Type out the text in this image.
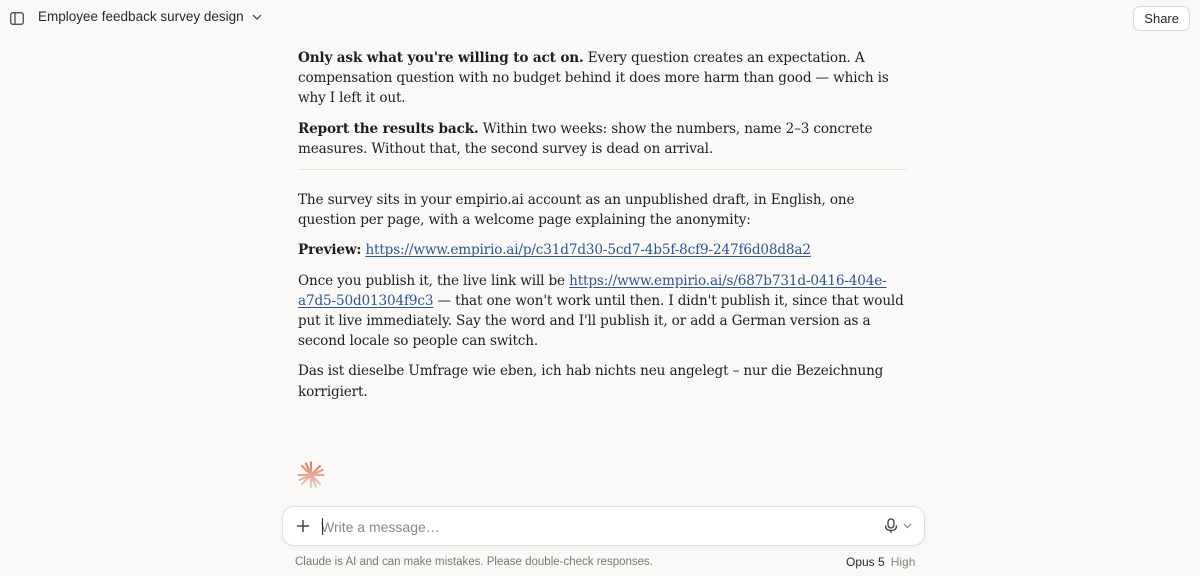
Employee feedback survey design	Share

Only ask what you're willing to act on. Every question creates an expectation. A compensation question with no budget behind it does more harm than good — which is why I left it out.

Report the results back. Within two weeks: show the numbers, name 2–3 concrete measures. Without that, the second survey is dead on arrival.

The survey sits in your empirio.ai account as an unpublished draft, in English, one question per page, with a welcome page explaining the anonymity:

Preview: https://www.empirio.ai/p/c31d7d30-5cd7-4b5f-8cf9-247f6d08d8a2

Once you publish it, the live link will be https://www.empirio.ai/s/687b731d-0416-404e-a7d5-50d01304f9c3 — that one won't work until then. I didn't publish it, since that would put it live immediately. Say the word and I'll publish it, or add a German version as a second locale so people can switch.

Das ist dieselbe Umfrage wie eben, ich hab nichts neu angelegt – nur die Bezeichnung korrigiert.

Write a message…
Claude is AI and can make mistakes. Please double-check responses.	Opus 5 High
